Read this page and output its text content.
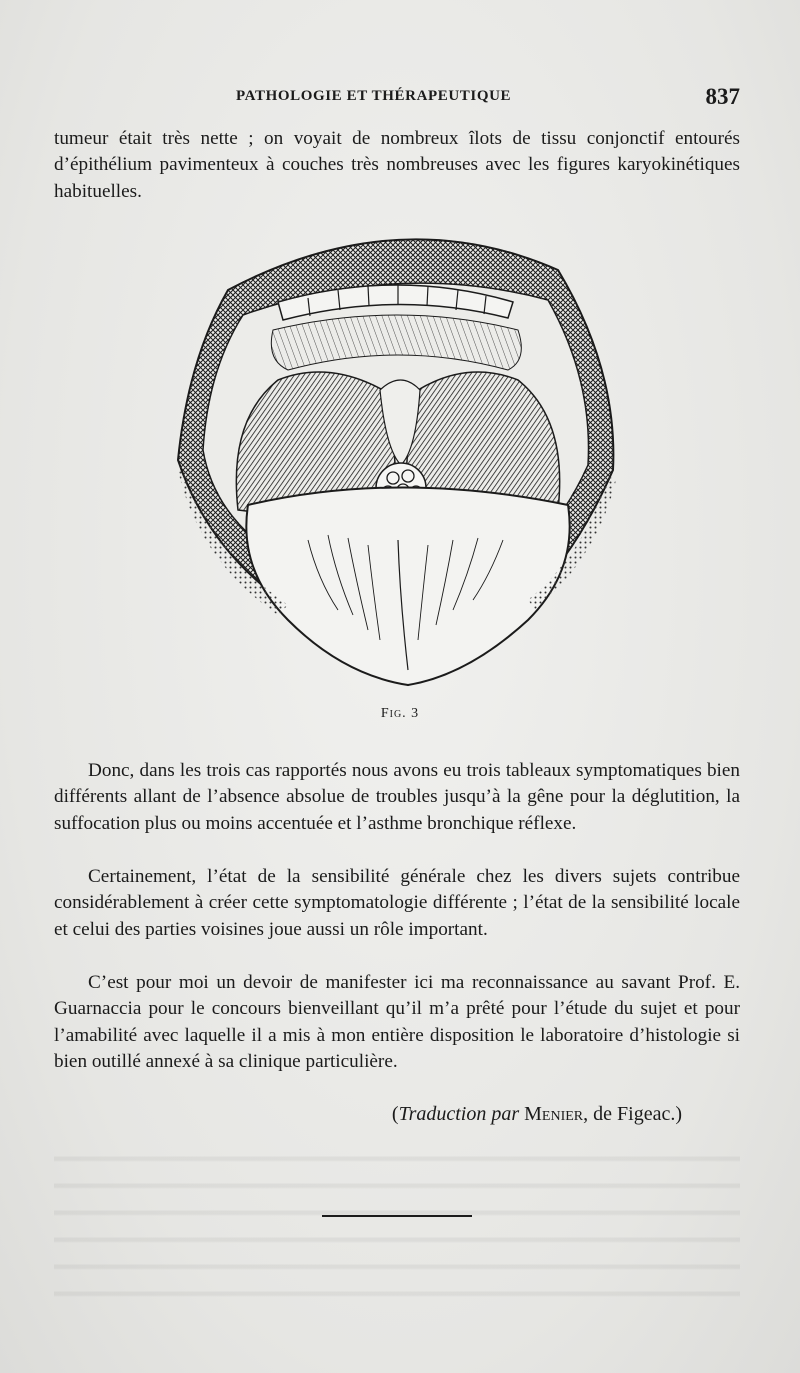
PATHOLOGIE ET THÉRAPEUTIQUE	837

tumeur était très nette ; on voyait de nombreux îlots de tissu conjonctif entourés d’épithélium pavimenteux à couches très nombreuses avec les figures karyokinétiques habituelles.

Fig. 3

Donc, dans les trois cas rapportés nous avons eu trois tableaux symptomatiques bien différents allant de l’absence absolue de troubles jusqu’à la gêne pour la déglutition, la suffocation plus ou moins accentuée et l’asthme bronchique réflexe.

Certainement, l’état de la sensibilité générale chez les divers sujets contribue considérablement à créer cette symptomatologie différente ; l’état de la sensibilité locale et celui des parties voisines joue aussi un rôle important.

C’est pour moi un devoir de manifester ici ma reconnaissance au savant Prof. E. Guarnaccia pour le concours bienveillant qu’il m’a prêté pour l’étude du sujet et pour l’amabilité avec laquelle il a mis à mon entière disposition le laboratoire d’histologie si bien outillé annexé à sa clinique particulière.

(Traduction par Menier, de Figeac.)
